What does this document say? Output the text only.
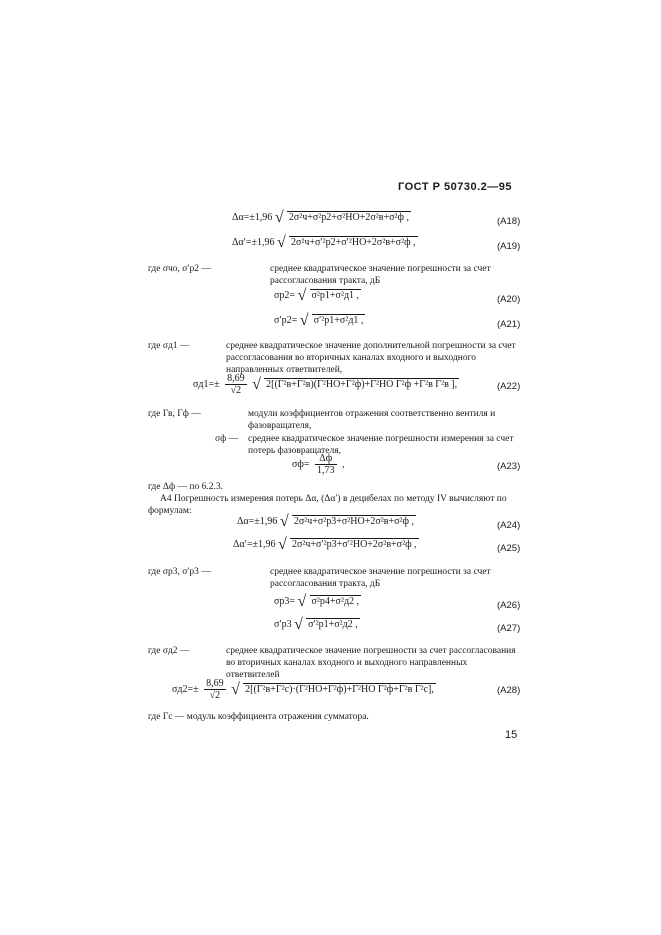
ГОСТ Р 50730.2—95
Δα=±1,96 √ 2σ²ч+σ²р2+σ²НО+2σ²в+σ²ф ,	(А18)
Δα′=±1,96 √ 2σ²ч+σ′²р2+σ′²НО+2σ²в+σ²ф ,	(А19)
где σчо, σ′р2 —	среднее квадратическое значение погрешности за счет рассогласования тракта, дБ
σр2= √ σ²р1+σ²д1 ,	(А20)
σ′р2= √ σ′²р1+σ²д1 ,	(А21)
где σд1 —	среднее квадратическое значение дополнительной погрешности за счет рассогласования во вторичных каналах входного и выходного направленных ответвителей,
$\sigma д1=\pm \frac{8,69}{√2}$ √ 2[(Г²в+Г²в)(Г²НО+Г²ф)+Г²НО Г²ф +Г²в Г²в ],	(А22)
где Гв, Гф —	модули коэффициентов отражения соответственно вентиля и фазовращателя,
σф —	среднее квадратическое значение погрешности измерения за счет потерь фазовращателя,
$\sigma ф= \frac{\Delta ф}{1,73}$ ,	(А23)
где Δф — по 6.2.3.
А4 Погрешность измерения потерь Δα, (Δα′) в децибелах по методу IV вычисляют по формулам:
Δα=±1,96 √ 2σ²ч+σ²р3+σ²НО+2σ²в+σ²ф ,	(А24)
Δα′=±1,96 √ 2σ²ч+σ′²р3+σ′²НО+2σ²в+σ²ф ,	(А25)
где σр3, σ′р3 —	среднее квадратическое значение погрешности за счет рассогласования тракта, дБ
σр3= √ σ²р4+σ²д2 ,	(А26)
σ′р3 √ σ′²р1+σ²д2 ,	(А27)
где σд2 —	среднее квадратическое значение погрешности за счет рассогласования во вторичных каналах входного и выходного направленных ответвителей
$\sigma д2=\pm \frac{8,69}{√2}$ √ 2[(Г²в+Г²с)·(Г²НО+Г²ф)+Г²НО Г²ф+Г²в Г²с],	(А28)
где Гс — модуль коэффициента отражения сумматора.
15
